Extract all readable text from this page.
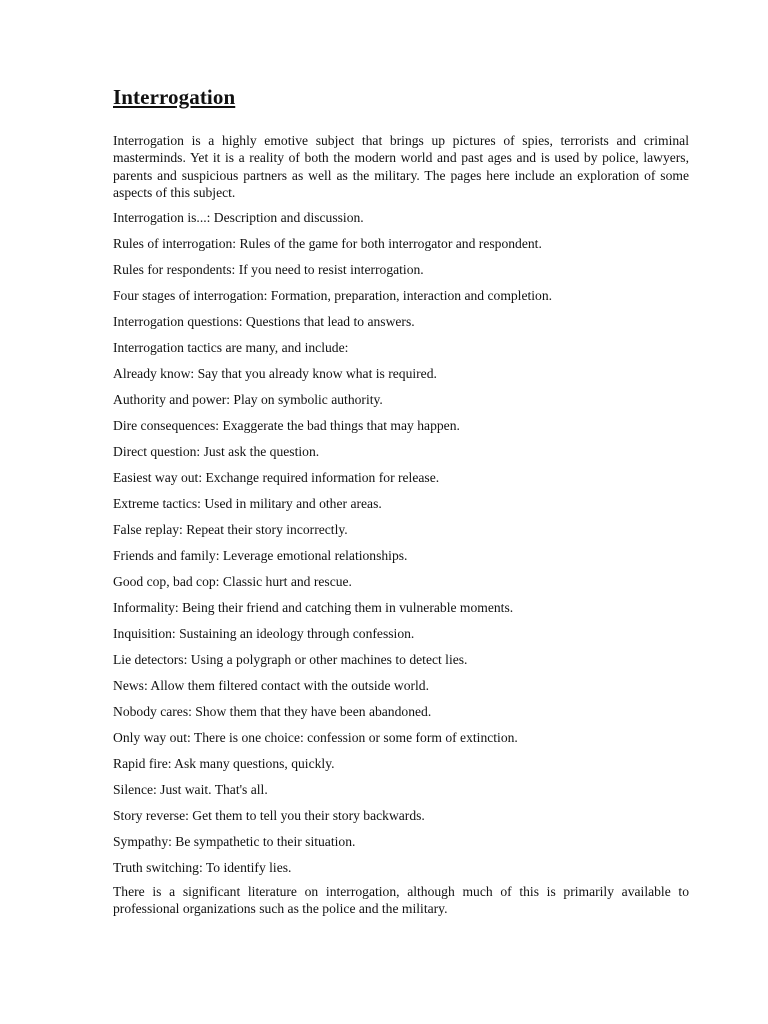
Interrogation

Interrogation is a highly emotive subject that brings up pictures of spies, terrorists and criminal masterminds. Yet it is a reality of both the modern world and past ages and is used by police, lawyers, parents and suspicious partners as well as the military. The pages here include an exploration of some aspects of this subject.

Interrogation is...: Description and discussion.
Rules of interrogation: Rules of the game for both interrogator and respondent.
Rules for respondents: If you need to resist interrogation.
Four stages of interrogation: Formation, preparation, interaction and completion.
Interrogation questions: Questions that lead to answers.
Interrogation tactics are many, and include:
Already know: Say that you already know what is required.
Authority and power: Play on symbolic authority.
Dire consequences: Exaggerate the bad things that may happen.
Direct question: Just ask the question.
Easiest way out: Exchange required information for release.
Extreme tactics: Used in military and other areas.
False replay: Repeat their story incorrectly.
Friends and family: Leverage emotional relationships.
Good cop, bad cop: Classic hurt and rescue.
Informality: Being their friend and catching them in vulnerable moments.
Inquisition: Sustaining an ideology through confession.
Lie detectors: Using a polygraph or other machines to detect lies.
News: Allow them filtered contact with the outside world.
Nobody cares: Show them that they have been abandoned.
Only way out: There is one choice: confession or some form of extinction.
Rapid fire: Ask many questions, quickly.
Silence: Just wait. That's all.
Story reverse: Get them to tell you their story backwards.
Sympathy: Be sympathetic to their situation.
Truth switching: To identify lies.

There is a significant literature on interrogation, although much of this is primarily available to professional organizations such as the police and the military.
